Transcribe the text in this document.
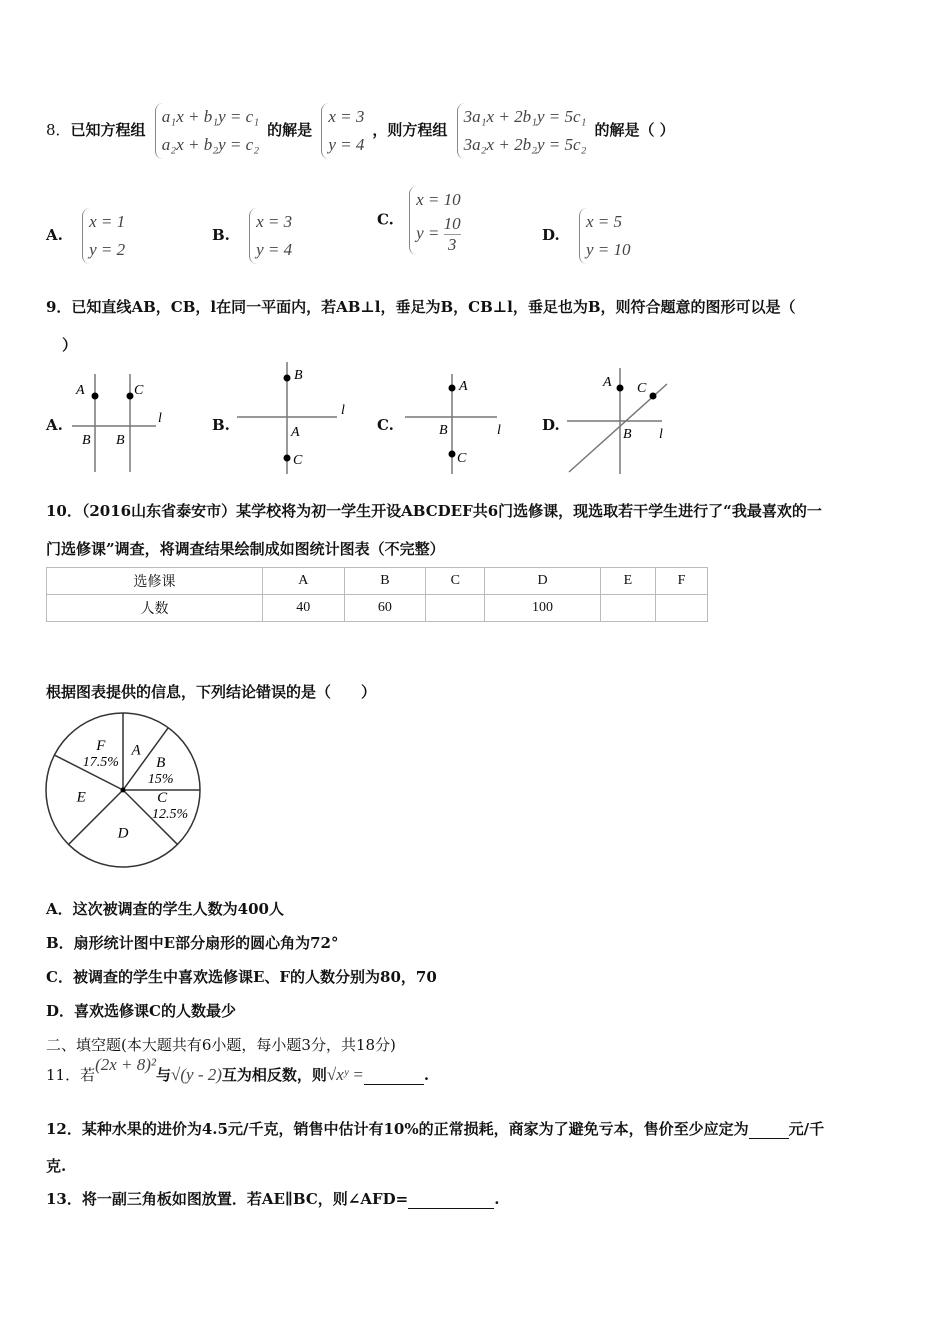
8．已知方程组
a₁x + b₁y = c₁
a₂x + b₂y = c₂
的解是
x = 3
y = 4
，则方程组
3a₁x + 2b₁y = 5c₁
3a₂x + 2b₂y = 5c₂
的解是（ ）
A.
x = 1
y = 2
B.
x = 3
y = 4
C.
x = 10
$y = \frac{10}{3}$	D.
x = 5
y = 10
9．已知直线AB，CB，l在同一平面内，若AB⊥l，垂足为B，CB⊥l，垂足也为B，则符合题意的图形可以是（
）
A.
A	C
l
B B
B.
B
l
A
C
C.
A
B	l
C
D.
A C
B l
10．（2016山东省泰安市）某学校将为初一学生开设ABCDEF共6门选修课，现选取若干学生进行了“我最喜欢的一
门选修课”调查，将调查结果绘制成如图统计图表（不完整）
选修课	A	B	C	D	E	F
人数	40	60		100		
根据图表提供的信息，下列结论错误的是（　　）
A
B
15%
C
12.5%
D
E
F
17.5%
A．这次被调查的学生人数为400人
B．扇形统计图中E部分扇形的圆心角为72°
C．被调查的学生中喜欢选修课E、F的人数分别为80，70
D．喜欢选修课C的人数最少
二、填空题(本大题共有6小题，每小题3分，共18分)
11．若(2x + 8)²与√(y - 2)互为相反数，则√xʸ =	.
12．某种水果的进价为4.5元/千克，销售中估计有10%的正常损耗，商家为了避免亏本，售价至少应定为	元/千
克.
13．将一副三角板如图放置．若AE∥BC，则∠AFD=	.
